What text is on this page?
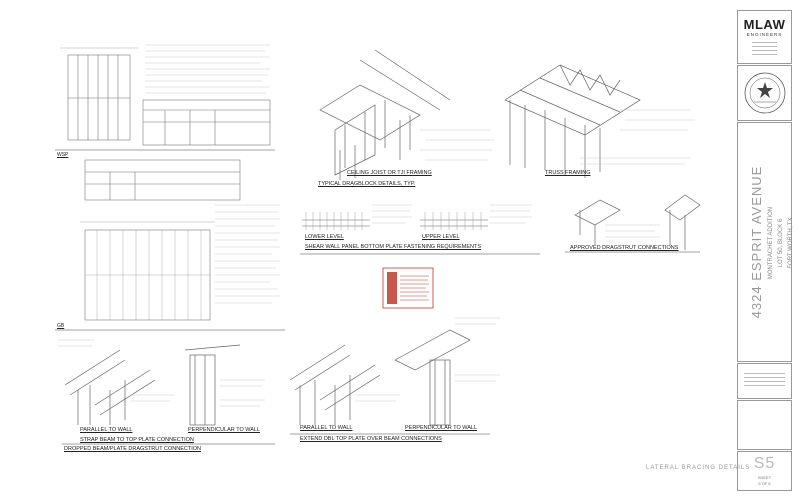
WSP
GB
CEILING JOIST OR TJI FRAMING	TRUSS FRAMING
TYPICAL DRAGBLOCK DETAILS, TYP.
LOWER LEVEL	UPPER LEVEL
SHEAR WALL PANEL BOTTOM PLATE FASTENING REQUIREMENTS	APPROVED DRAGSTRUT CONNECTIONS
PARALLEL TO WALL	PERPENDICULAR TO WALL
STRAP BEAM TO TOP PLATE CONNECTION
DROPPED BEAM/PLATE DRAGSTRUT CONNECTION
PARALLEL TO WALL	PERPENDICULAR TO WALL
EXTEND DBL TOP PLATE OVER BEAM CONNECTIONS
LATERAL BRACING DETAILS
MLAW
ENGINEERS
4324 ESPRIT AVENUE MONTRACHET ADDITION LOT 50, BLOCK 6 FORT WORTH, TX
S5
SHEET
5 OF 6
